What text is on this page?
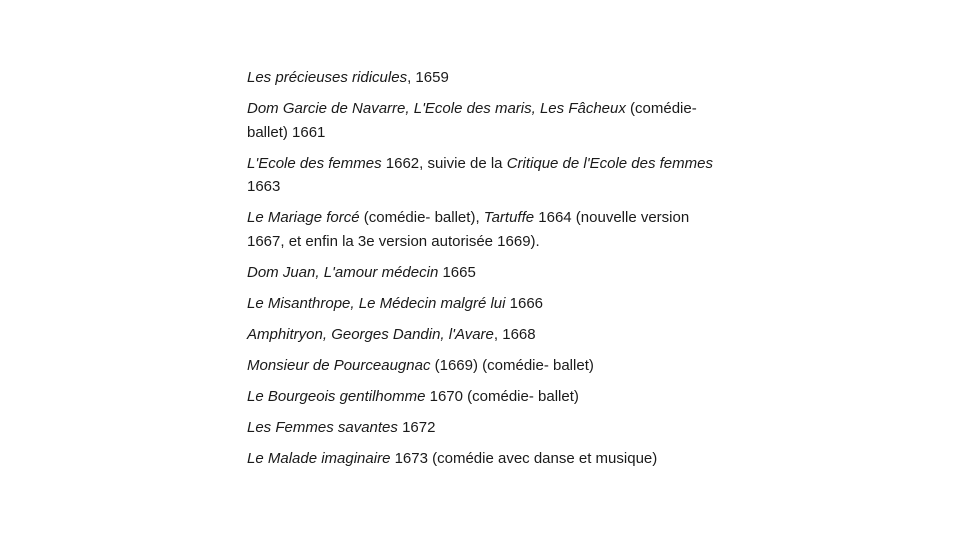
Les précieuses ridicules, 1659
Dom Garcie de Navarre, L'Ecole des maris, Les Fâcheux (comédie- ballet) 1661
L'Ecole des femmes 1662, suivie de la Critique de l'Ecole des femmes 1663
Le Mariage forcé (comédie- ballet), Tartuffe 1664 (nouvelle version 1667, et enfin la 3e version autorisée 1669).
Dom Juan, L'amour médecin 1665
Le Misanthrope, Le Médecin malgré lui 1666
Amphitryon, Georges Dandin, l'Avare, 1668
Monsieur de Pourceaugnac (1669) (comédie- ballet)
Le Bourgeois gentilhomme 1670 (comédie- ballet)
Les Femmes savantes 1672
Le Malade imaginaire 1673 (comédie avec danse et musique)
